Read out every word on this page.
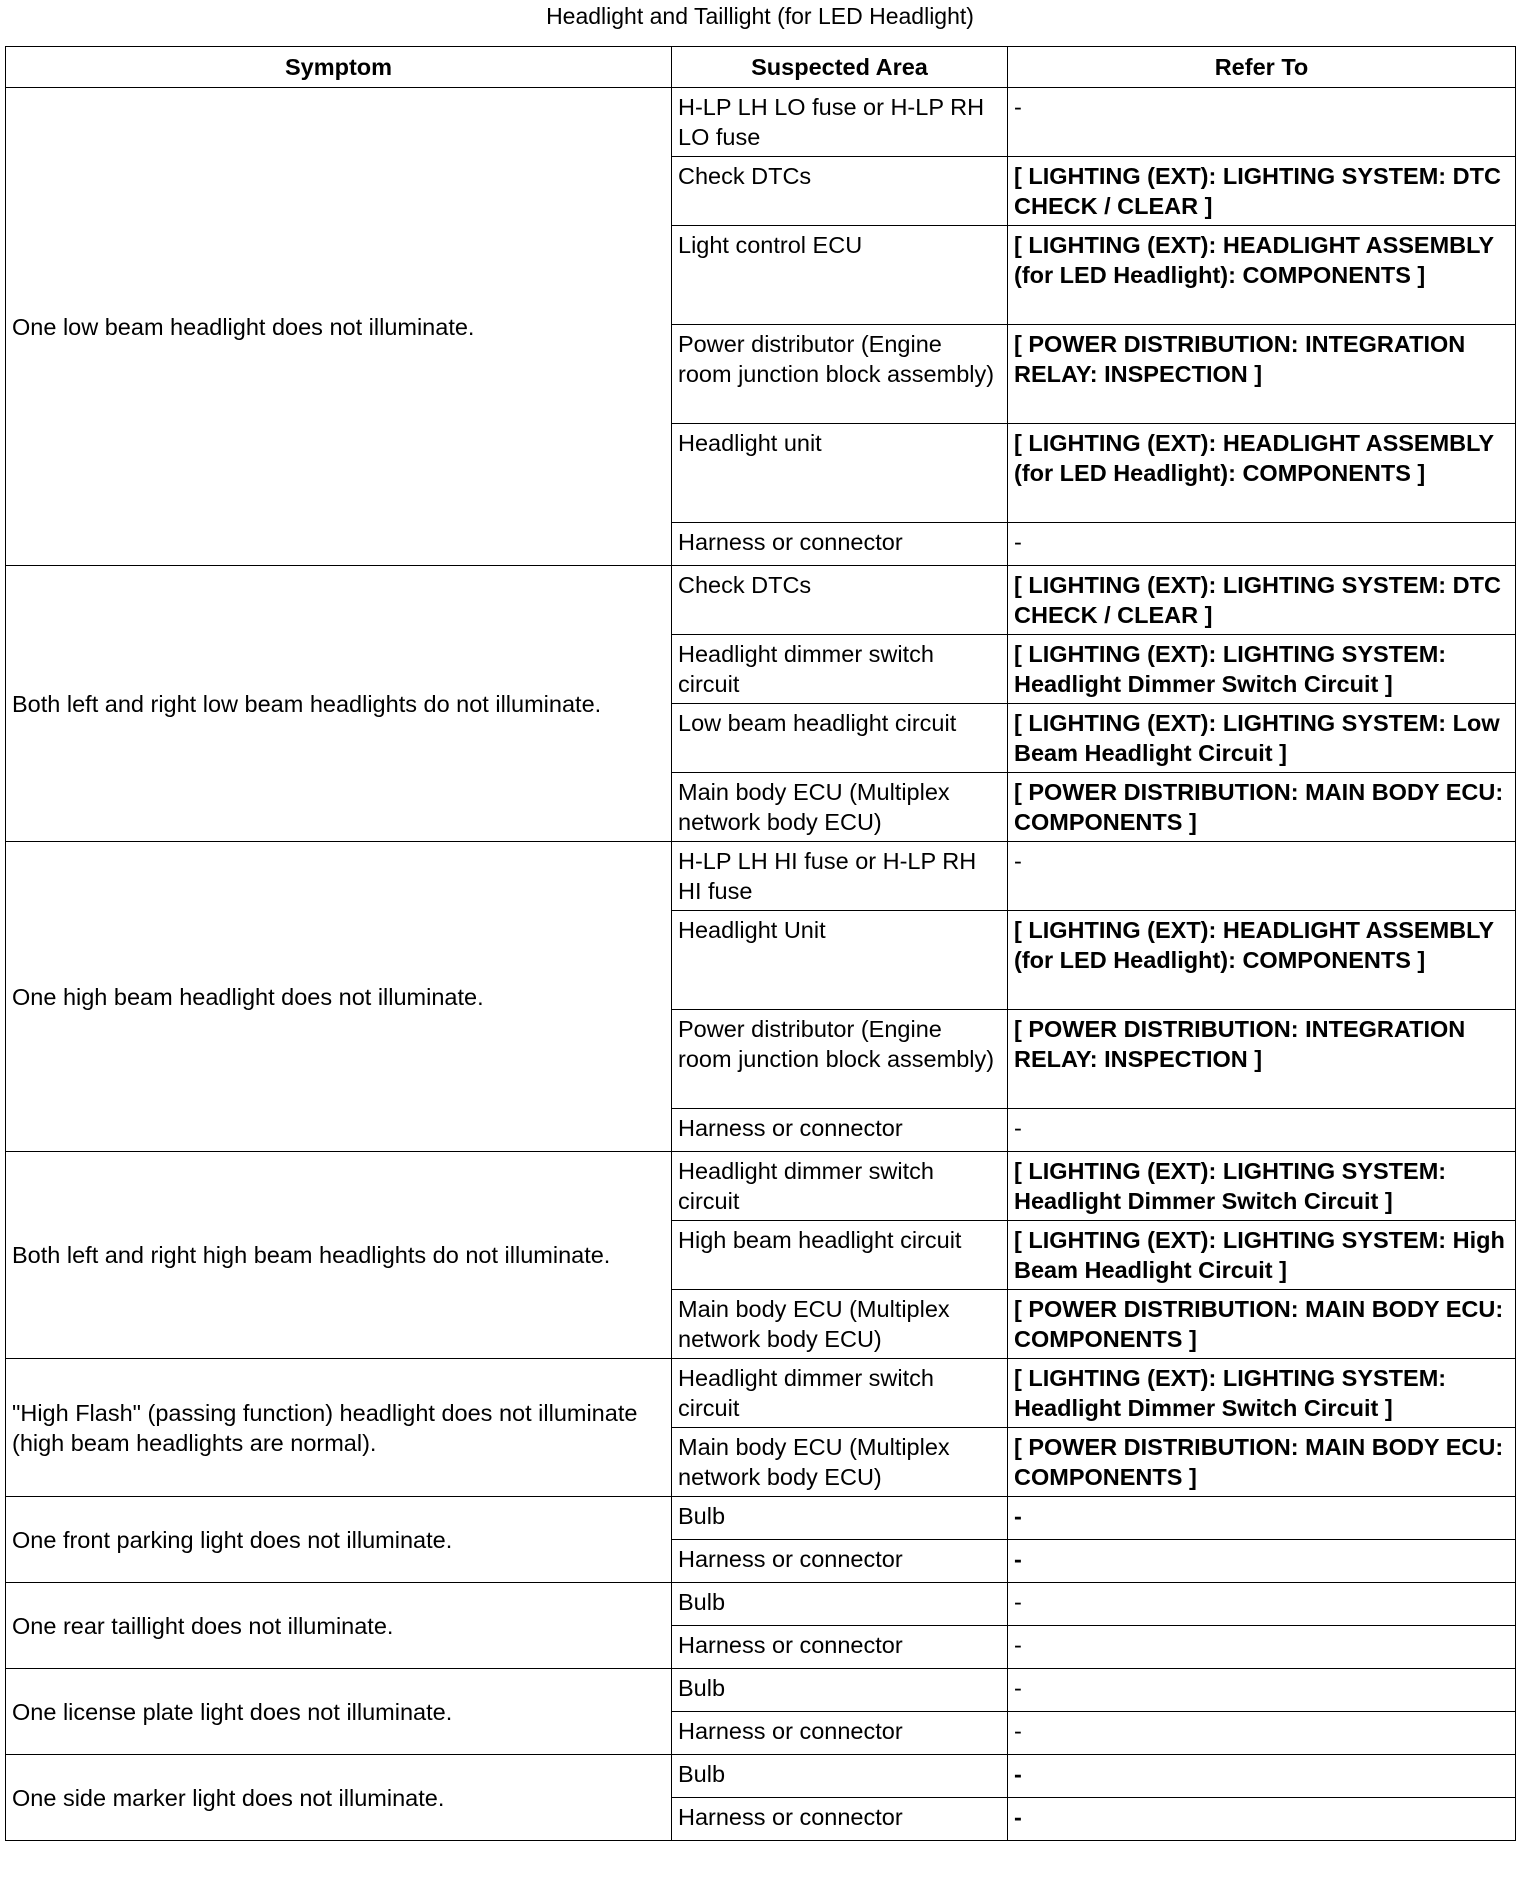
Headlight and Taillight (for LED Headlight)
Symptom	Suspected Area	Refer To
One low beam headlight does not illuminate.	H-LP LH LO fuse or H-LP RH LO fuse	-
	Check DTCs	[ LIGHTING (EXT): LIGHTING SYSTEM: DTC CHECK / CLEAR ]
	Light control ECU	[ LIGHTING (EXT): HEADLIGHT ASSEMBLY (for LED Headlight): COMPONENTS ]
	Power distributor (Engine room junction block assembly)	[ POWER DISTRIBUTION: INTEGRATION RELAY: INSPECTION ]
	Headlight unit	[ LIGHTING (EXT): HEADLIGHT ASSEMBLY (for LED Headlight): COMPONENTS ]
	Harness or connector	-
Both left and right low beam headlights do not illuminate.	Check DTCs	[ LIGHTING (EXT): LIGHTING SYSTEM: DTC CHECK / CLEAR ]
	Headlight dimmer switch circuit	[ LIGHTING (EXT): LIGHTING SYSTEM: Headlight Dimmer Switch Circuit ]
	Low beam headlight circuit	[ LIGHTING (EXT): LIGHTING SYSTEM: Low Beam Headlight Circuit ]
	Main body ECU (Multiplex network body ECU)	[ POWER DISTRIBUTION: MAIN BODY ECU: COMPONENTS ]
One high beam headlight does not illuminate.	H-LP LH HI fuse or H-LP RH HI fuse	-
	Headlight Unit	[ LIGHTING (EXT): HEADLIGHT ASSEMBLY (for LED Headlight): COMPONENTS ]
	Power distributor (Engine room junction block assembly)	[ POWER DISTRIBUTION: INTEGRATION RELAY: INSPECTION ]
	Harness or connector	-
Both left and right high beam headlights do not illuminate.	Headlight dimmer switch circuit	[ LIGHTING (EXT): LIGHTING SYSTEM: Headlight Dimmer Switch Circuit ]
	High beam headlight circuit	[ LIGHTING (EXT): LIGHTING SYSTEM: High Beam Headlight Circuit ]
	Main body ECU (Multiplex network body ECU)	[ POWER DISTRIBUTION: MAIN BODY ECU: COMPONENTS ]
"High Flash" (passing function) headlight does not illuminate (high beam headlights are normal).	Headlight dimmer switch circuit	[ LIGHTING (EXT): LIGHTING SYSTEM: Headlight Dimmer Switch Circuit ]
	Main body ECU (Multiplex network body ECU)	[ POWER DISTRIBUTION: MAIN BODY ECU: COMPONENTS ]
One front parking light does not illuminate.	Bulb	-
	Harness or connector	-
One rear taillight does not illuminate.	Bulb	-
	Harness or connector	-
One license plate light does not illuminate.	Bulb	-
	Harness or connector	-
One side marker light does not illuminate.	Bulb	-
	Harness or connector	-
